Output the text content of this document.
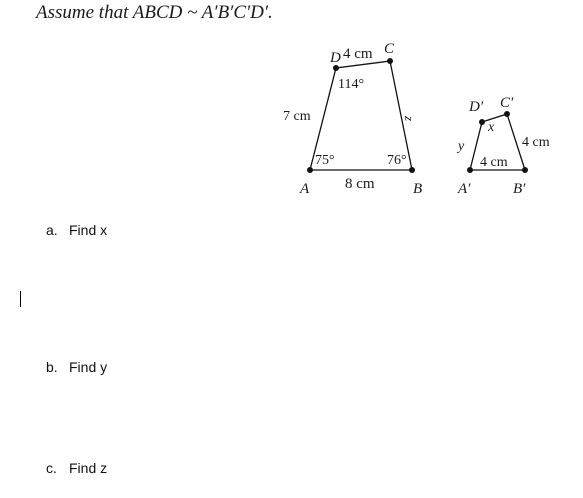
Assume that ABCD ~ A′B′C′D′.
D
C
A	B
4 cm
7 cm
8 cm
z
114°
75°	76°
D′ C′
A′	B′
x
y	4 cm
4 cm
a. Find x
b. Find y
c. Find z
